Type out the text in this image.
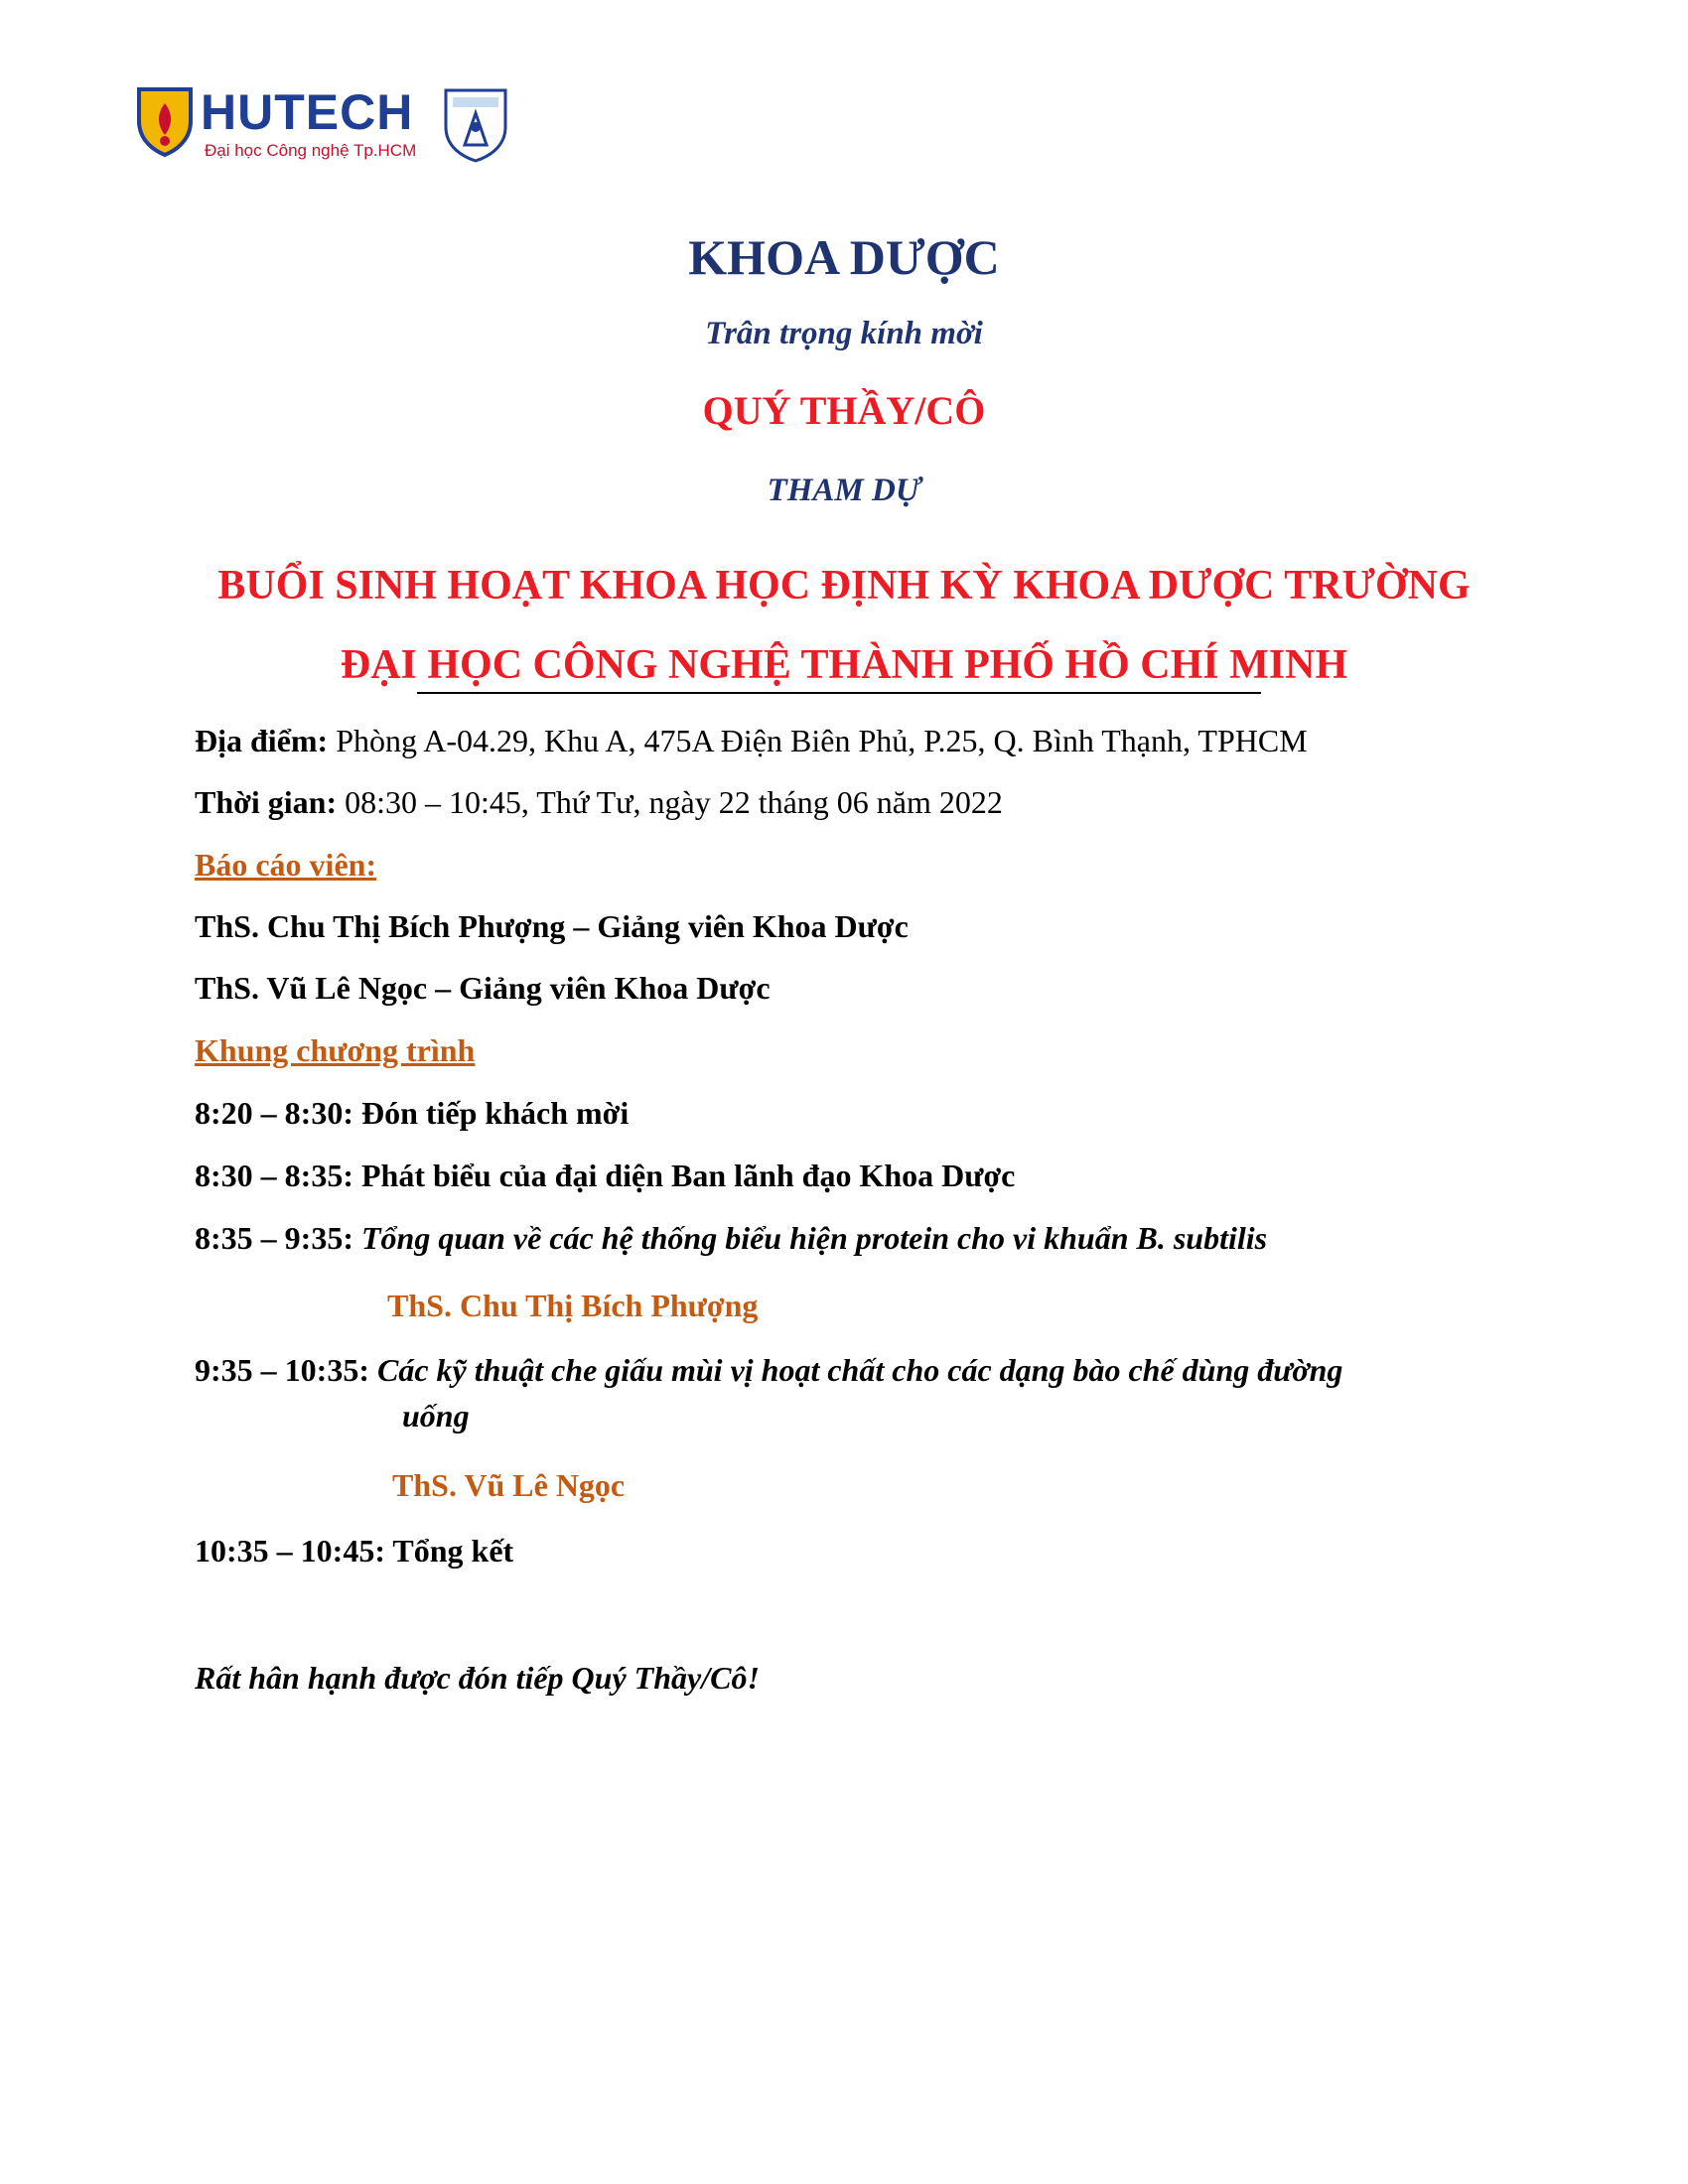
HUTECH
Đại học Công nghệ Tp.HCM
KHOA DƯỢC
Trân trọng kính mời
QUÝ THẦY/CÔ
THAM DỰ
BUỔI SINH HOẠT KHOA HỌC ĐỊNH KỲ KHOA DƯỢC TRƯỜNG
ĐẠI HỌC CÔNG NGHỆ THÀNH PHỐ HỒ CHÍ MINH
Địa điểm: Phòng A-04.29, Khu A, 475A Điện Biên Phủ, P.25, Q. Bình Thạnh, TPHCM
Thời gian: 08:30 – 10:45, Thứ Tư, ngày 22 tháng 06 năm 2022
Báo cáo viên:
ThS. Chu Thị Bích Phượng – Giảng viên Khoa Dược
ThS. Vũ Lê Ngọc – Giảng viên Khoa Dược
Khung chương trình
8:20 – 8:30: Đón tiếp khách mời
8:30 – 8:35: Phát biểu của đại diện Ban lãnh đạo Khoa Dược
8:35 – 9:35: Tổng quan về các hệ thống biểu hiện protein cho vi khuẩn B. subtilis
ThS. Chu Thị Bích Phượng
9:35 – 10:35: Các kỹ thuật che giấu mùi vị hoạt chất cho các dạng bào chế dùng đường
uống
ThS. Vũ Lê Ngọc
10:35 – 10:45: Tổng kết
Rất hân hạnh được đón tiếp Quý Thầy/Cô!
